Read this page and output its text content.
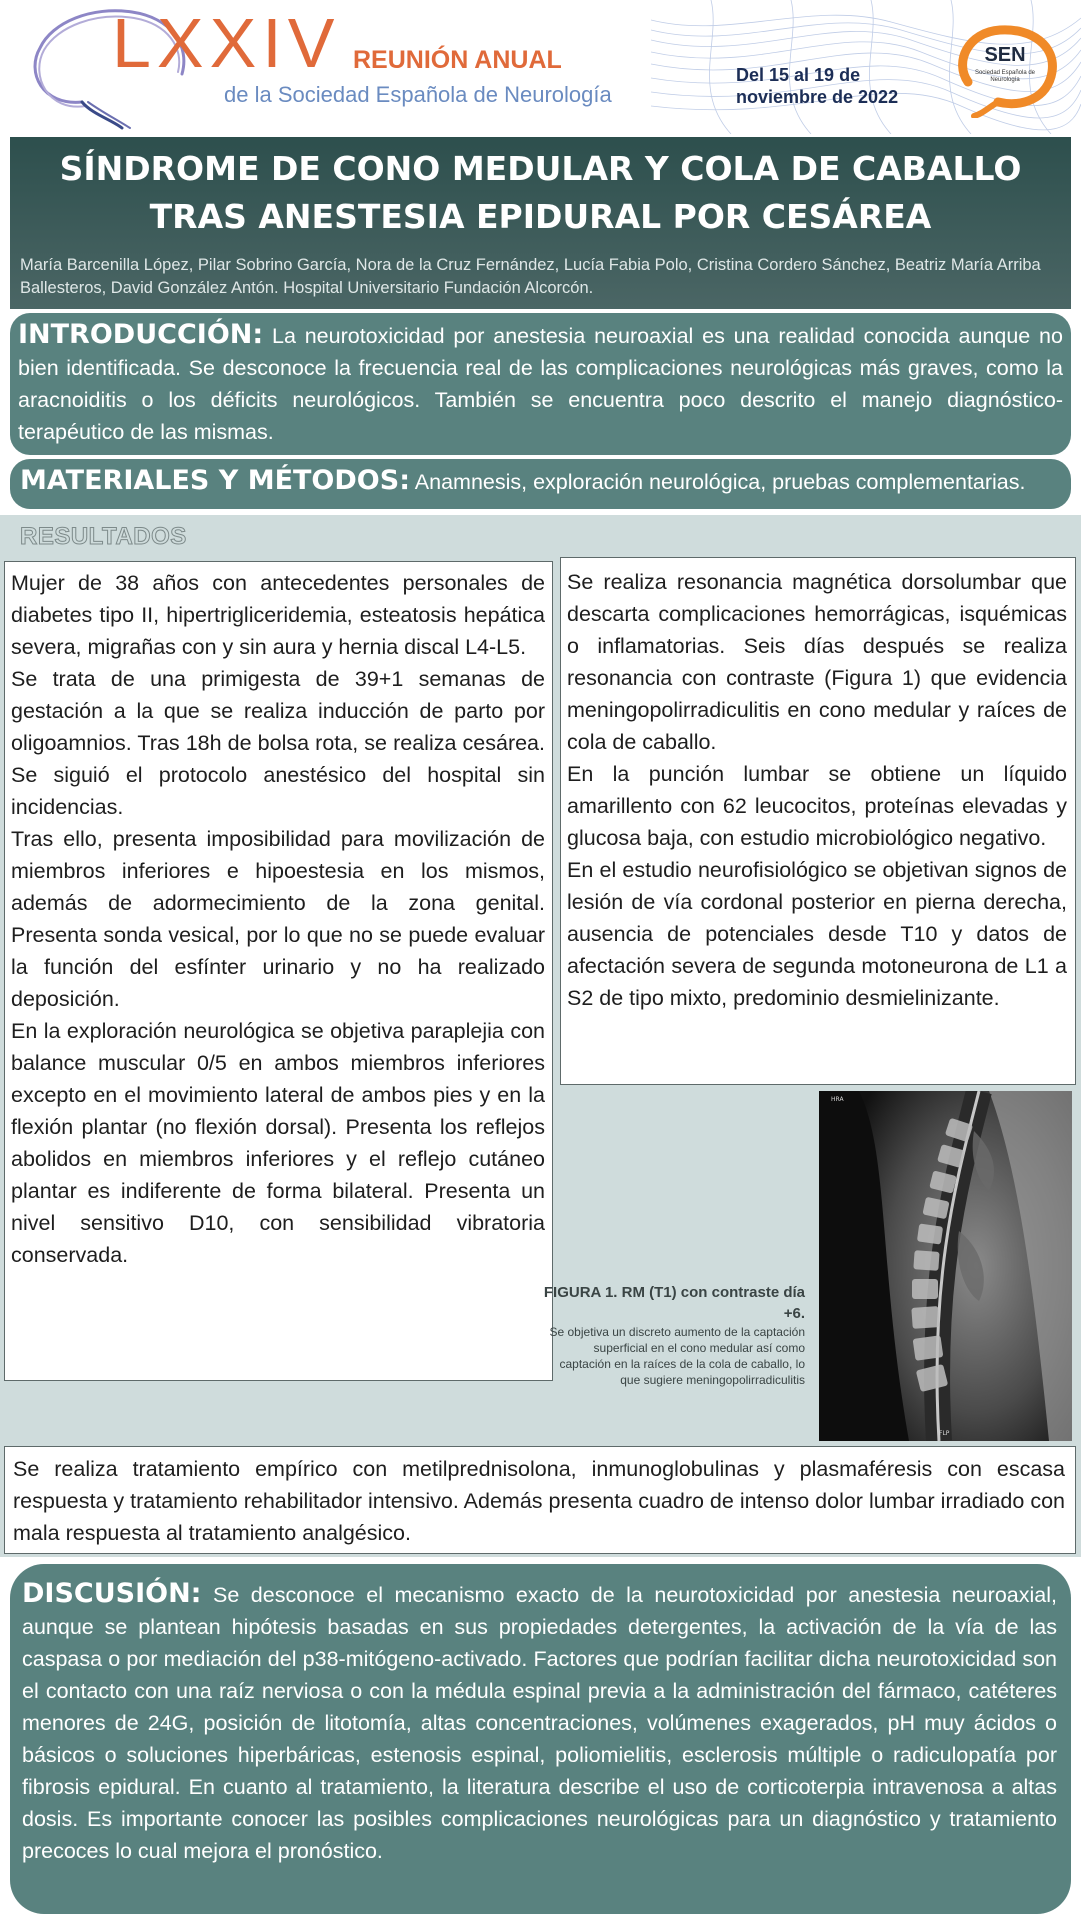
LXXIV REUNIÓN ANUAL
de la Sociedad Española de Neurología
Del 15 al 19 de
noviembre de 2022
SEN
Sociedad Española de Neurología
SÍNDROME DE CONO MEDULAR Y COLA DE CABALLO TRAS ANESTESIA EPIDURAL POR CESÁREA
María Barcenilla López, Pilar Sobrino García, Nora de la Cruz Fernández, Lucía Fabia Polo, Cristina Cordero Sánchez, Beatriz María Arriba Ballesteros, David González Antón. Hospital Universitario Fundación Alcorcón.
INTRODUCCIÓN: La neurotoxicidad por anestesia neuroaxial es una realidad conocida aunque no bien identificada. Se desconoce la frecuencia real de las complicaciones neurológicas más graves, como la aracnoiditis o los déficits neurológicos. También se encuentra poco descrito el manejo diagnóstico-terapéutico de las mismas.
MATERIALES Y MÉTODOS: Anamnesis, exploración neurológica, pruebas complementarias.
RESULTADOS

Mujer de 38 años con antecedentes personales de diabetes tipo II, hipertrigliceridemia, esteatosis hepática severa, migrañas con y sin aura y hernia discal L4-L5.

Se trata de una primigesta de 39+1 semanas de gestación a la que se realiza inducción de parto por oligoamnios. Tras 18h de bolsa rota, se realiza cesárea. Se siguió el protocolo anestésico del hospital sin incidencias.

Tras ello, presenta imposibilidad para movilización de miembros inferiores e hipoestesia en los mismos, además de adormecimiento de la zona genital. Presenta sonda vesical, por lo que no se puede evaluar la función del esfínter urinario y no ha realizado deposición.

En la exploración neurológica se objetiva paraplejia con balance muscular 0/5 en ambos miembros inferiores excepto en el movimiento lateral de ambos pies y en la flexión plantar (no flexión dorsal). Presenta los reflejos abolidos en miembros inferiores y el reflejo cutáneo plantar es indiferente de forma bilateral. Presenta un nivel sensitivo D10, con sensibilidad vibratoria conservada.

Se realiza resonancia magnética dorsolumbar que descarta complicaciones hemorrágicas, isquémicas o inflamatorias. Seis días después se realiza resonancia con contraste (Figura 1) que evidencia meningopolirradiculitis en cono medular y raíces de cola de caballo.

En la punción lumbar se obtiene un líquido amarillento con 62 leucocitos, proteínas elevadas y glucosa baja, con estudio microbiológico negativo.

En el estudio neurofisiológico se objetivan signos de lesión de vía cordonal posterior en pierna derecha, ausencia de potenciales desde T10 y datos de afectación severa de segunda motoneurona de L1 a S2 de tipo mixto, predominio desmielinizante.

FIGURA 1. RM (T1) con contraste día +6.
Se objetiva un discreto aumento de la captación superficial en el cono medular así como captación en la raíces de la cola de caballo, lo que sugiere meningopolirradiculitis
HRA
FLP
Se realiza tratamiento empírico con metilprednisolona, inmunoglobulinas y plasmaféresis con escasa respuesta y tratamiento rehabilitador intensivo. Además presenta cuadro de intenso dolor lumbar irradiado con mala respuesta al tratamiento analgésico.
DISCUSIÓN: Se desconoce el mecanismo exacto de la neurotoxicidad por anestesia neuroaxial, aunque se plantean hipótesis basadas en sus propiedades detergentes, la activación de la vía de las caspasa o por mediación del p38-mitógeno-activado. Factores que podrían facilitar dicha neurotoxicidad son el contacto con una raíz nerviosa o con la médula espinal previa a la administración del fármaco, catéteres menores de 24G, posición de litotomía, altas concentraciones, volúmenes exagerados, pH muy ácidos o básicos o soluciones hiperbáricas, estenosis espinal, poliomielitis, esclerosis múltiple o radiculopatía por fibrosis epidural. En cuanto al tratamiento, la literatura describe el uso de corticoterpia intravenosa a altas dosis. Es importante conocer las posibles complicaciones neurológicas para un diagnóstico y tratamiento precoces lo cual mejora el pronóstico.
